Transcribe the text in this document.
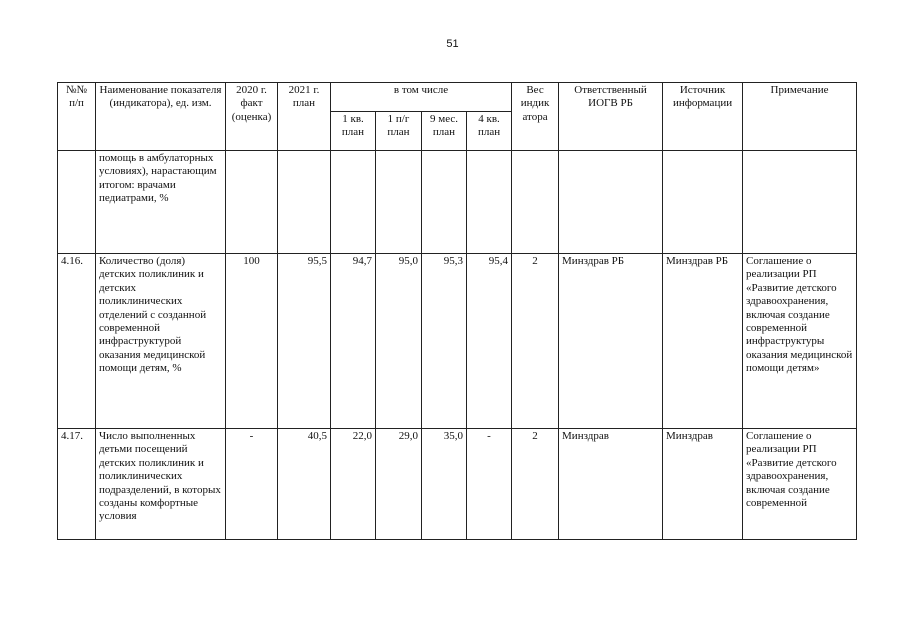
51
№№ п/п	Наименование показателя (индикатора), ед. изм.	2020 г. факт (оценка)	2021 г. план	в том числе				Вес индик атора	Ответственный ИОГВ РБ	Источник информации	Примечание
				1 кв. план	1 п/г план	9 мес. план	4 кв. план				
	помощь в амбулаторных условиях), нарастающим итогом: врачами педиатрами, %										
4.16.	Количество (доля) детских поликлиник и детских поликлинических отделений с созданной современной инфраструктурой оказания медицинской помощи детям, %	100	95,5	94,7	95,0	95,3	95,4	2	Минздрав РБ	Минздрав РБ	Соглашение о реализации РП «Развитие детского здравоохранения, включая создание современной инфраструктуры оказания медицинской помощи детям»
4.17.	Число выполненных детьми посещений детских поликлиник и поликлинических подразделений, в которых созданы комфортные условия	-	40,5	22,0	29,0	35,0	-	2	Минздрав	Минздрав	Соглашение о реализации РП «Развитие детского здравоохранения, включая создание современной
